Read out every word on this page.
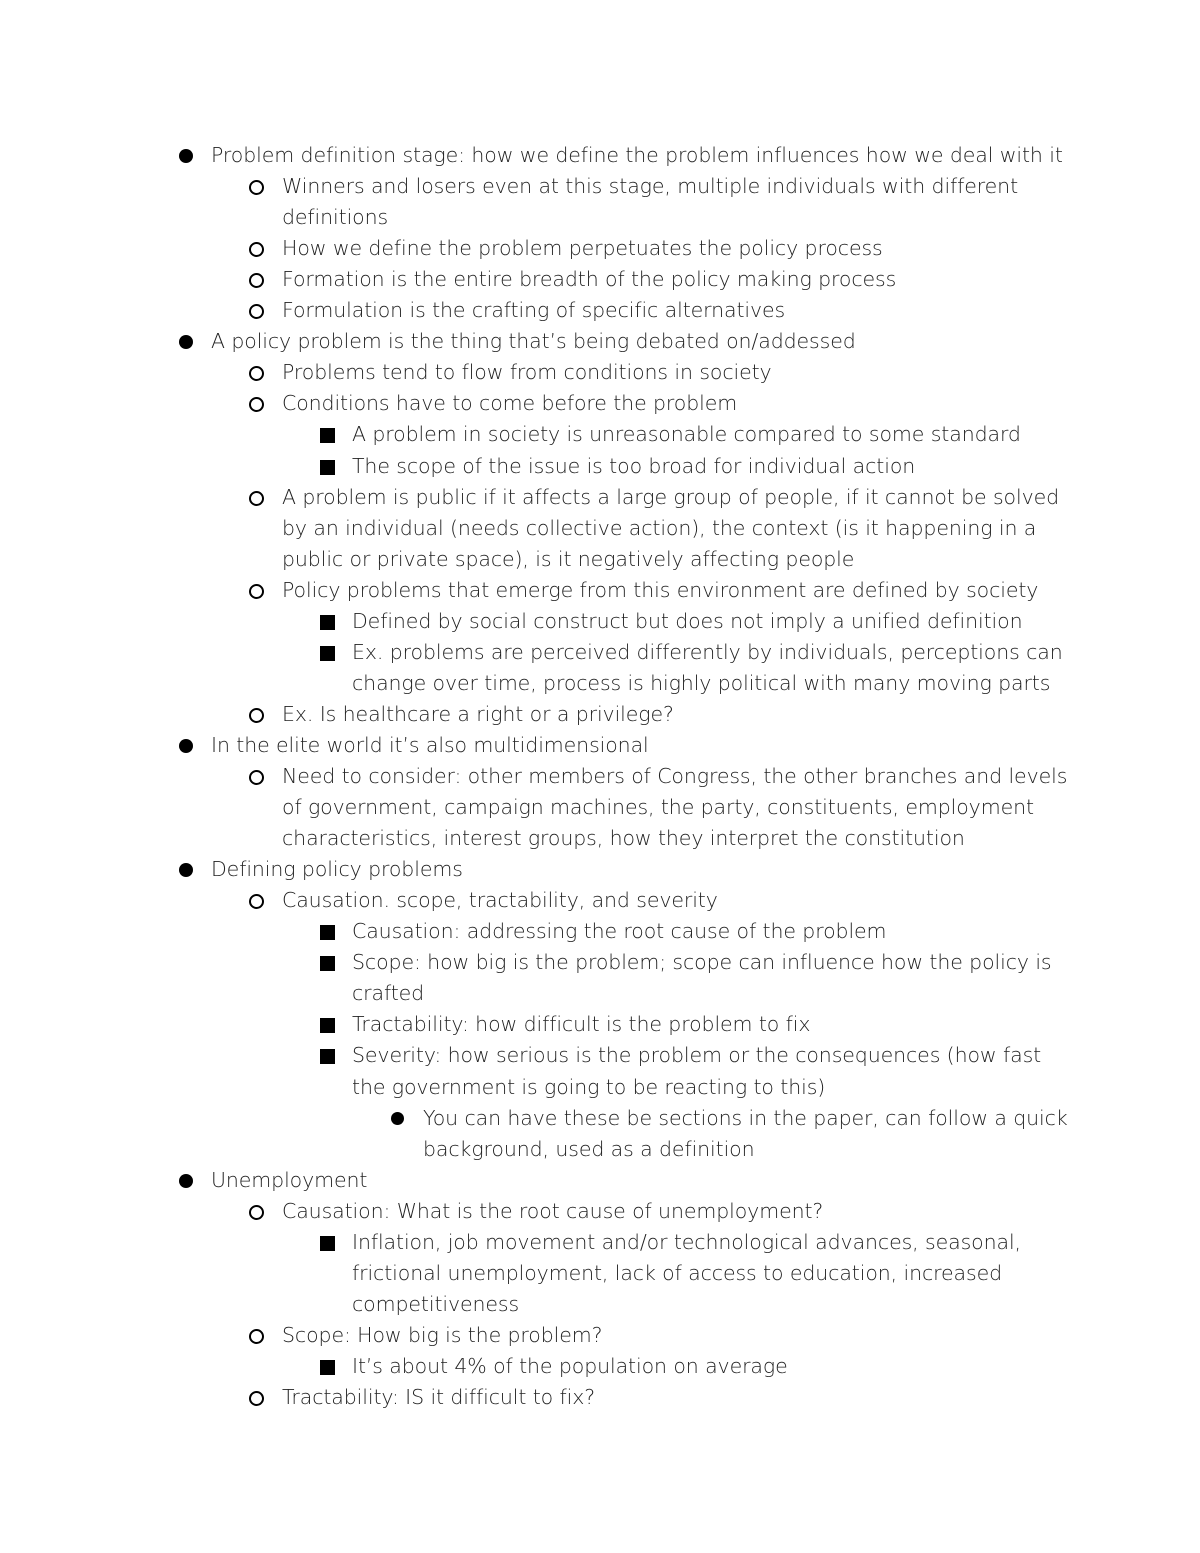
Problem definition stage: how we define the problem influences how we deal with it
Winners and losers even at this stage, multiple individuals with different
definitions
How we define the problem perpetuates the policy process
Formation is the entire breadth of the policy making process
Formulation is the crafting of specific alternatives
A policy problem is the thing that’s being debated on/addessed
Problems tend to flow from conditions in society
Conditions have to come before the problem
A problem in society is unreasonable compared to some standard
The scope of the issue is too broad for individual action
A problem is public if it affects a large group of people, if it cannot be solved
by an individual (needs collective action), the context (is it happening in a
public or private space), is it negatively affecting people
Policy problems that emerge from this environment are defined by society
Defined by social construct but does not imply a unified definition
Ex. problems are perceived differently by individuals, perceptions can
change over time, process is highly political with many moving parts
Ex. Is healthcare a right or a privilege?
In the elite world it’s also multidimensional
Need to consider: other members of Congress, the other branches and levels
of government, campaign machines, the party, constituents, employment
characteristics, interest groups, how they interpret the constitution
Defining policy problems
Causation. scope, tractability, and severity
Causation: addressing the root cause of the problem
Scope: how big is the problem; scope can influence how the policy is
crafted
Tractability: how difficult is the problem to fix
Severity: how serious is the problem or the consequences (how fast
the government is going to be reacting to this)
You can have these be sections in the paper, can follow a quick
background, used as a definition
Unemployment
Causation: What is the root cause of unemployment?
Inflation, job movement and/or technological advances, seasonal,
frictional unemployment, lack of access to education, increased
competitiveness
Scope: How big is the problem?
It’s about 4% of the population on average
Tractability: IS it difficult to fix?
